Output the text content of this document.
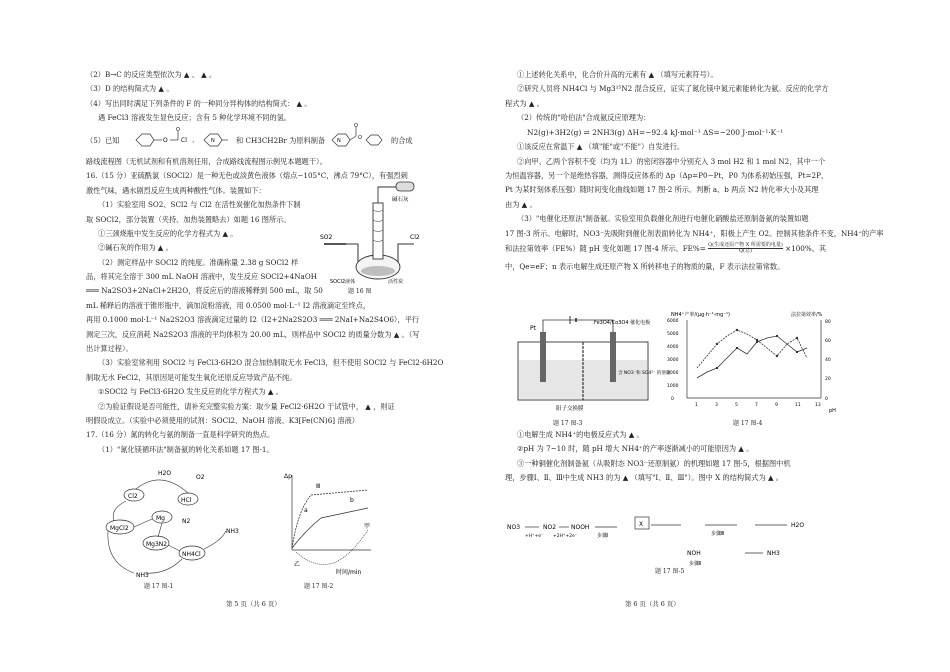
（2）B→C 的反应类型依次为 ▲ 、 ▲ 。
（3）D 的结构简式为 ▲ 。
（4）写出同时满足下列条件的 F 的一种同分异构体的结构简式： ▲ 。
遇 FeCl3 溶液发生显色反应；含有 5 种化学环境不同的氢。
（5）已知	O
O
Cl 、	N	和 CH3CH2Br 为原料制备 N
O
O	的合成
路线流程图（无机试剂和有机溶剂任用，合成路线流程图示例见本题题干）。
16.（15 分）亚硫酰氯（SOCl2）是一种无色或淡黄色液体（熔点−105°C，沸点 79°C），有强烈刺
激性气味，遇水剧烈反应生成两种酸性气体。装置如下：
（1）实验室用 SO2、SCl2 与 Cl2 在活性炭催化加热条件下制
取 SOCl2，部分装置（夹持、加热装置略去）如题 16 图所示。
①三颈烧瓶中发生反应的化学方程式为 ▲ 。
②碱石灰的作用为 ▲ 。
（2）测定样品中 SOCl2 的纯度。准确称量 2.38 g SOCl2 样
品，将其完全溶于 300 mL NaOH 溶液中，发生反应 SOCl2+4NaOH
═══ Na2SO3+2NaCl+2H2O，将反应后的溶液稀释到 500 mL，取 50
mL 稀释后的溶液于锥形瓶中，滴加淀粉溶液，用 0.0500 mol·L⁻¹ I2 溶液滴定至终点，
再用 0.1000 mol·L⁻¹ Na2S2O3 溶液滴定过量的 I2（I2+2Na2S2O3 ═══ 2NaI+Na2S4O6），平行
测定三次，反应消耗 Na2S2O3 溶液的平均体积为 20.00 mL，则样品中 SOCl2 的质量分数为 ▲ 。（写
出计算过程）。
（3）实验室常利用 SOCl2 与 FeCl3·6H2O 混合加热制取无水 FeCl3，但不使用 SOCl2 与 FeCl2·6H2O
制取无水 FeCl2，其原因是可能发生氧化还原反应导致产品不纯。
①SOCl2 与 FeCl3·6H2O 发生反应的化学方程式为 ▲ 。
②为验证假设是否可能性，请补充完整实验方案：取少量 FeCl2·6H2O 于试管中， ▲ ，则证
明假设成立。（实验中必须使用的试剂：SOCl2、NaOH 溶液、K3[Fe(CN)6] 溶液）
17.（16 分）氮的转化与氨的制备一直是科学研究的热点。
（1）"氮化镁循环法"制备氨的转化关系如题 17 图-1。
SO2	Cl2
碱石灰
SOCl2液体	活性炭
题 16 图
H2O
O2
Cl2
HCl
MgCl2
Mg	N2
Mg3N2
NH4Cl
NH3
NH3
题 17 图-1
Δp
Ⅲ
a
b
乙
甲
时间/min
题 17 图-2
第 5 页（共 6 页）
①上述转化关系中，化合价升高的元素有 ▲ （填写元素符号）。
②研究人员将 NH4Cl 与 Mg3¹⁵N2 混合反应，证实了氮化镁中氮元素能转化为氨。反应的化学方
程式为 ▲ 。
（2）传统的"哈伯法"合成氨反应原理为：
N2(g)+3H2(g) ⇌ 2NH3(g) ΔH=−92.4 kJ·mol⁻¹ ΔS=−200 J·mol⁻¹·K⁻¹
①该反应在常温下 ▲ （填"能"或"不能"）自发进行。
②向甲、乙两个容积不变（均为 1L）的密闭容器中分别充入 3 mol H2 和 1 mol N2，其中一个
为恒温容器，另一个是绝热容器，测得反应体系的 Δp（Δp=P0−Pt，P0 为体系初始压强，Pt=2P，
Pt 为某时刻体系压强）随时间变化曲线如题 17 图-2 所示。判断 a、b 两点 N2 转化率大小及其理
由为 ▲ 。
（3）"电催化还原法"制备氨。实验室用负载催化剂进行电催化硝酸盐还原制备氨的装置如题
17 图-3 所示。电解时，NO3⁻先吸附到催化剂表面转化为 NH4⁺，阳极上产生 O2。控制其他条件不变，NH4⁺的产率
和法拉第效率（FE%）随 pH 变化如题 17 图-4 所示。FE%= Q(生成还原产物 X 所需要的电量)
Q(总)	×100%。其
中，Qe=eF；n 表示电解生成还原产物 X 所转移电子的物质的量，F 表示法拉第常数。
Pt
Fe3O4/Co3O4 催化电极
阳子交换膜
含 NO3⁻和 SO4²⁻ 的溶液
题 17 图-3
NH4⁺产率/(μg·h⁻¹·mg⁻¹)	法拉第效率/%
0
1000
2000
3000
4000
5000
6000
0
20
40
60
80
1	3	5	7	9	11	13
pH
题 17 图-4
①电解生成 NH4⁺的电极反应式为 ▲ 。
②pH 为 7~10 时，随 pH 增大 NH4⁺的产率逐渐减小的可能原因为 ▲ 。
③一种铜催化剂制备氨（从吸附态 NO3⁻还原制氨）的机理如题 17 图-5，根据图中机
理，步骤Ⅰ、Ⅱ、Ⅲ中生成 NH3 的为 ▲ （填写"Ⅰ、Ⅱ、Ⅲ"）。图中 X 的结构简式为 ▲ 。
NO3	NO2 NOOH
+H⁺+e⁻ +2H⁺+2e⁻	步骤Ⅰ
X
NOH
步骤Ⅱ
步骤Ⅲ
H2O
NH3
题 17 图-5
第 6 页（共 6 页）
